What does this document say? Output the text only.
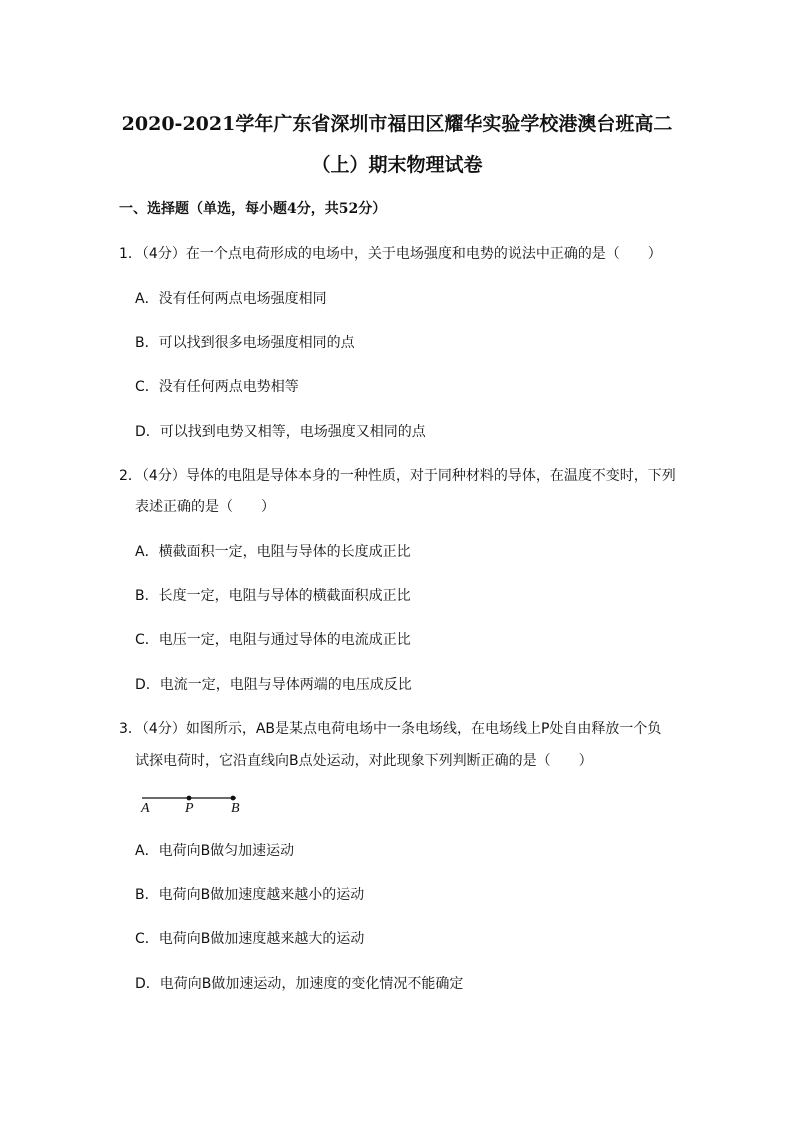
2020-2021学年广东省深圳市福田区耀华实验学校港澳台班高二
（上）期末物理试卷
一、选择题（单选，每小题4分，共52分）
1．（4分）在一个点电荷形成的电场中，关于电场强度和电势的说法中正确的是（　　）
A．没有任何两点电场强度相同
B．可以找到很多电场强度相同的点
C．没有任何两点电势相等
D．可以找到电势又相等，电场强度又相同的点
2．（4分）导体的电阻是导体本身的一种性质，对于同种材料的导体，在温度不变时，下列
表述正确的是（　　）
A．横截面积一定，电阻与导体的长度成正比
B．长度一定，电阻与导体的横截面积成正比
C．电压一定，电阻与通过导体的电流成正比
D．电流一定，电阻与导体两端的电压成反比
3．（4分）如图所示，AB是某点电荷电场中一条电场线，在电场线上P处自由释放一个负
试探电荷时，它沿直线向B点处运动，对此现象下列判断正确的是（　　）
A	P	B
A．电荷向B做匀加速运动
B．电荷向B做加速度越来越小的运动
C．电荷向B做加速度越来越大的运动
D．电荷向B做加速运动，加速度的变化情况不能确定
